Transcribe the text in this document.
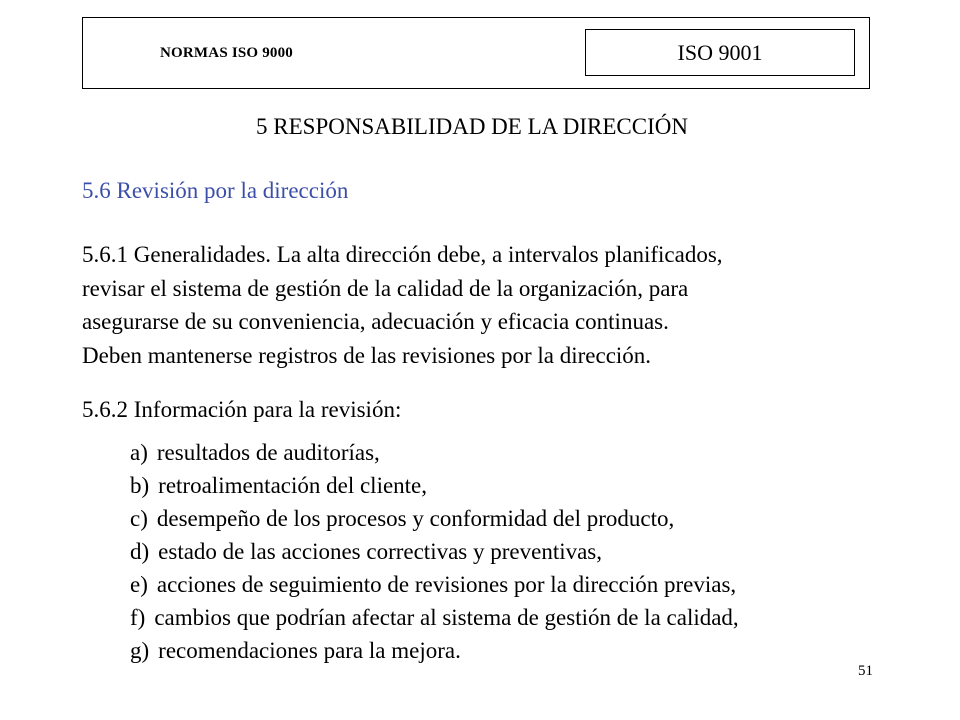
NORMAS ISO 9000	ISO 9001
5 RESPONSABILIDAD DE LA DIRECCIÓN
5.6 Revisión por la dirección

5.6.1 Generalidades. La alta dirección debe, a intervalos planificados,
revisar el sistema de gestión de la calidad de la organización, para
asegurarse de su conveniencia, adecuación y eficacia continuas.
Deben mantenerse registros de las revisiones por la dirección.

5.6.2 Información para la revisión:
a) resultados de auditorías,
b) retroalimentación del cliente,
c) desempeño de los procesos y conformidad del producto,
d) estado de las acciones correctivas y preventivas,
e) acciones de seguimiento de revisiones por la dirección previas,
f) cambios que podrían afectar al sistema de gestión de la calidad,
g) recomendaciones para la mejora.
51
